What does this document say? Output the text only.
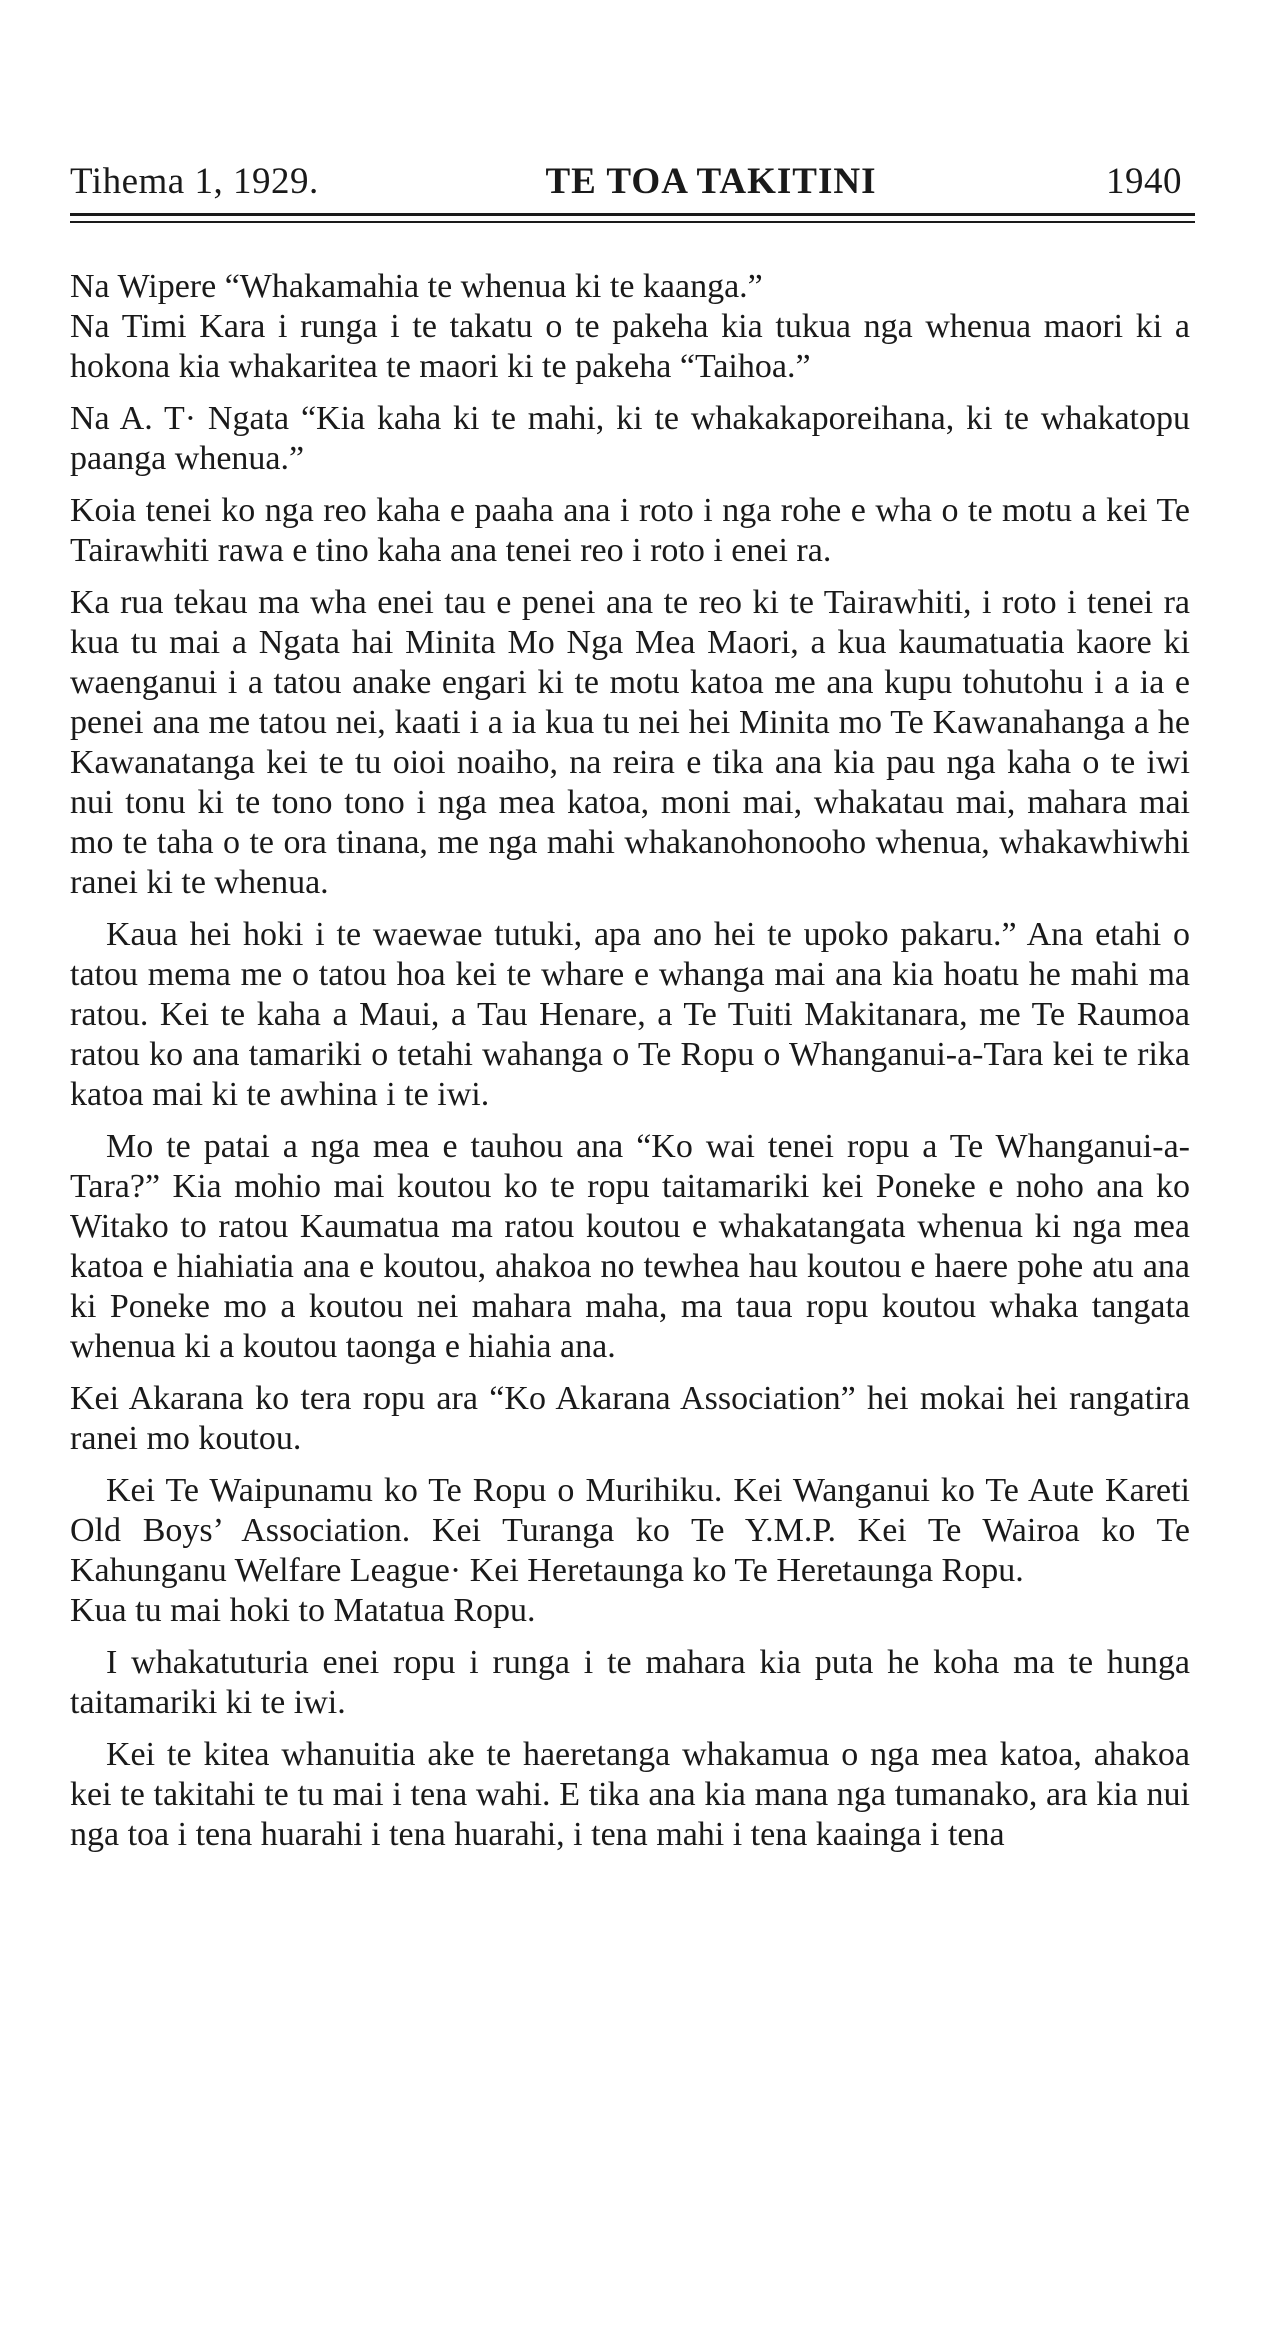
Tihema 1, 1929.	TE TOA TAKITINI	1940

Na Wipere “Whakamahia te whenua ki te kaanga.”

Na Timi Kara i runga i te takatu o te pakeha kia tukua nga whenua maori ki a hokona kia whakaritea te maori ki te pakeha “Taihoa.”

Na A. T· Ngata “Kia kaha ki te mahi, ki te whakakaporeihana, ki te whakatopu paanga whenua.”

Koia tenei ko nga reo kaha e paaha ana i roto i nga rohe e wha o te motu a kei Te Tairawhiti rawa e tino kaha ana tenei reo i roto i enei ra.

Ka rua tekau ma wha enei tau e penei ana te reo ki te Tairawhiti, i roto i tenei ra kua tu mai a Ngata hai Minita Mo Nga Mea Maori, a kua kaumatuatia kaore ki waenganui i a tatou anake engari ki te motu katoa me ana kupu tohutohu i a ia e penei ana me tatou nei, kaati i a ia kua tu nei hei Minita mo Te Kawanahanga a he Kawanatanga kei te tu oioi noaiho, na reira e tika ana kia pau nga kaha o te iwi nui tonu ki te tono tono i nga mea katoa, moni mai, whakatau mai, mahara mai mo te taha o te ora tinana, me nga mahi whakanohonooho whenua, whakawhiwhi ranei ki te whenua.

Kaua hei hoki i te waewae tutuki, apa ano hei te upoko pakaru.” Ana etahi o tatou mema me o tatou hoa kei te whare e whanga mai ana kia hoatu he mahi ma ratou. Kei te kaha a Maui, a Tau Henare, a Te Tuiti Makitanara, me Te Raumoa ratou ko ana tamariki o tetahi wahanga o Te Ropu o Whanganui-a-Tara kei te rika katoa mai ki te awhina i te iwi.

Mo te patai a nga mea e tauhou ana “Ko wai tenei ropu a Te Whanganui-a-Tara?” Kia mohio mai koutou ko te ropu taitamariki kei Poneke e noho ana ko Witako to ratou Kaumatua ma ratou koutou e whakatangata whenua ki nga mea katoa e hiahiatia ana e koutou, ahakoa no tewhea hau koutou e haere pohe atu ana ki Poneke mo a koutou nei mahara maha, ma taua ropu koutou whaka tangata whenua ki a koutou taonga e hiahia ana.

Kei Akarana ko tera ropu ara “Ko Akarana Association” hei mokai hei rangatira ranei mo koutou.

Kei Te Waipunamu ko Te Ropu o Murihiku. Kei Wanganui ko Te Aute Kareti Old Boys’ Association. Kei Turanga ko Te Y.M.P. Kei Te Wairoa ko Te Kahunganu Welfare League· Kei Heretaunga ko Te Heretaunga Ropu.

Kua tu mai hoki to Matatua Ropu.

I whakatuturia enei ropu i runga i te mahara kia puta he koha ma te hunga taitamariki ki te iwi.

Kei te kitea whanuitia ake te haeretanga whakamua o nga mea katoa, ahakoa kei te takitahi te tu mai i tena wahi. E tika ana kia mana nga tumanako, ara kia nui nga toa i tena huarahi i tena huarahi, i tena mahi i tena kaainga i tena
